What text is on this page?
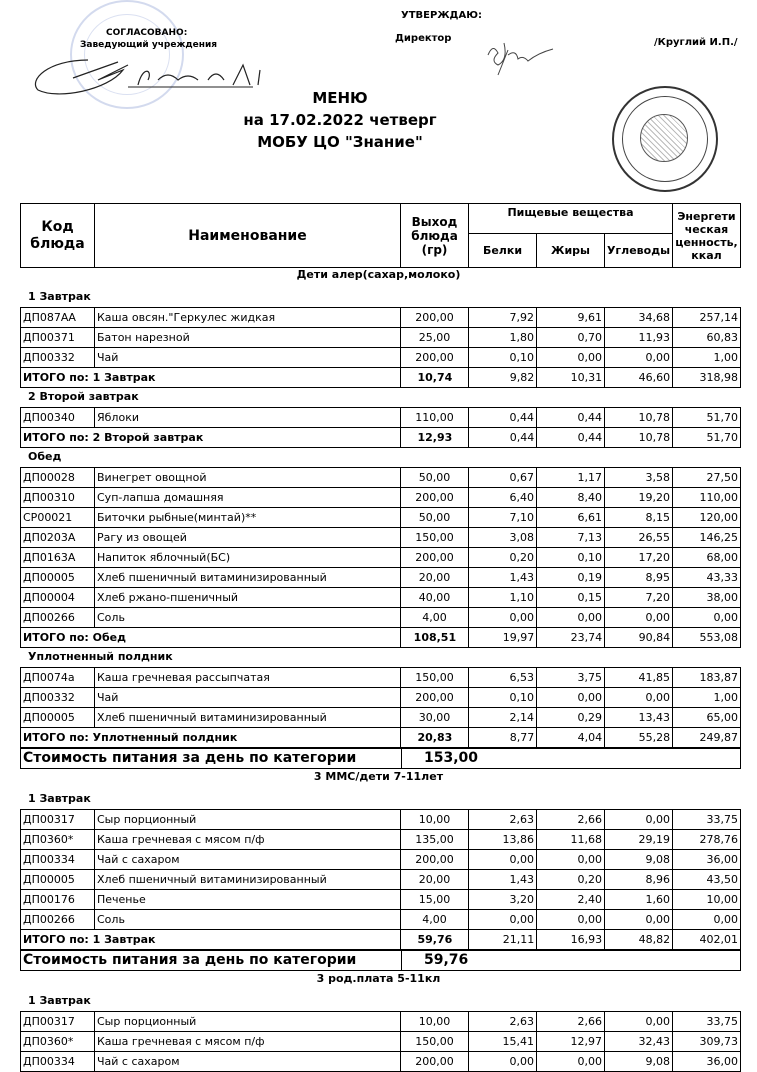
СОГЛАСОВАНО:
Заведующий учреждения
УТВЕРЖДАЮ:
Директор	/Круглий И.П./
МЕНЮ
на 17.02.2022 четверг
МОБУ ЦО "Знание"
Код блюда	Наименование	Выход блюда (гр)	Пищевые вещества			Энергети ческая ценность, ккал
			Белки	Жиры	Углеводы	
Дети алер(сахар,молоко)
1 Завтрак
ДП087АА	Каша овсян."Геркулес жидкая	200,00	7,92	9,61	34,68	257,14
ДП00371	Батон нарезной	25,00	1,80	0,70	11,93	60,83
ДП00332	Чай	200,00	0,10	0,00	0,00	1,00
ИТОГО по: 1 Завтрак	10,74	9,82	10,31	46,60	318,98
2 Второй завтрак
ДП00340	Яблоки	110,00	0,44	0,44	10,78	51,70
ИТОГО по: 2 Второй завтрак	12,93	0,44	0,44	10,78	51,70
Обед
ДП00028	Винегрет овощной	50,00	0,67	1,17	3,58	27,50
ДП00310	Суп-лапша домашняя	200,00	6,40	8,40	19,20	110,00
СР00021	Биточки рыбные(минтай)**	50,00	7,10	6,61	8,15	120,00
ДП0203А	Рагу из овощей	150,00	3,08	7,13	26,55	146,25
ДП0163А	Напиток яблочный(БС)	200,00	0,20	0,10	17,20	68,00
ДП00005	Хлеб пшеничный витаминизированный	20,00	1,43	0,19	8,95	43,33
ДП00004	Хлеб ржано-пшеничный	40,00	1,10	0,15	7,20	38,00
ДП00266	Соль	4,00	0,00	0,00	0,00	0,00
ИТОГО по: Обед	108,51	19,97	23,74	90,84	553,08
Уплотненный полдник
ДП0074а	Каша гречневая рассыпчатая	150,00	6,53	3,75	41,85	183,87
ДП00332	Чай	200,00	0,10	0,00	0,00	1,00
ДП00005	Хлеб пшеничный витаминизированный	30,00	2,14	0,29	13,43	65,00
ИТОГО по: Уплотненный полдник	20,83	8,77	4,04	55,28	249,87
Стоимость питания за день по категории	153,00
3 ММС/дети 7-11лет
1 Завтрак
ДП00317	Сыр порционный	10,00	2,63	2,66	0,00	33,75
ДП0360*	Каша гречневая с мясом п/ф	135,00	13,86	11,68	29,19	278,76
ДП00334	Чай с сахаром	200,00	0,00	0,00	9,08	36,00
ДП00005	Хлеб пшеничный витаминизированный	20,00	1,43	0,20	8,96	43,50
ДП00176	Печенье	15,00	3,20	2,40	1,60	10,00
ДП00266	Соль	4,00	0,00	0,00	0,00	0,00
ИТОГО по: 1 Завтрак	59,76	21,11	16,93	48,82	402,01
Стоимость питания за день по категории	59,76
3 род.плата 5-11кл
1 Завтрак
ДП00317	Сыр порционный	10,00	2,63	2,66	0,00	33,75
ДП0360*	Каша гречневая с мясом п/ф	150,00	15,41	12,97	32,43	309,73
ДП00334	Чай с сахаром	200,00	0,00	0,00	9,08	36,00
